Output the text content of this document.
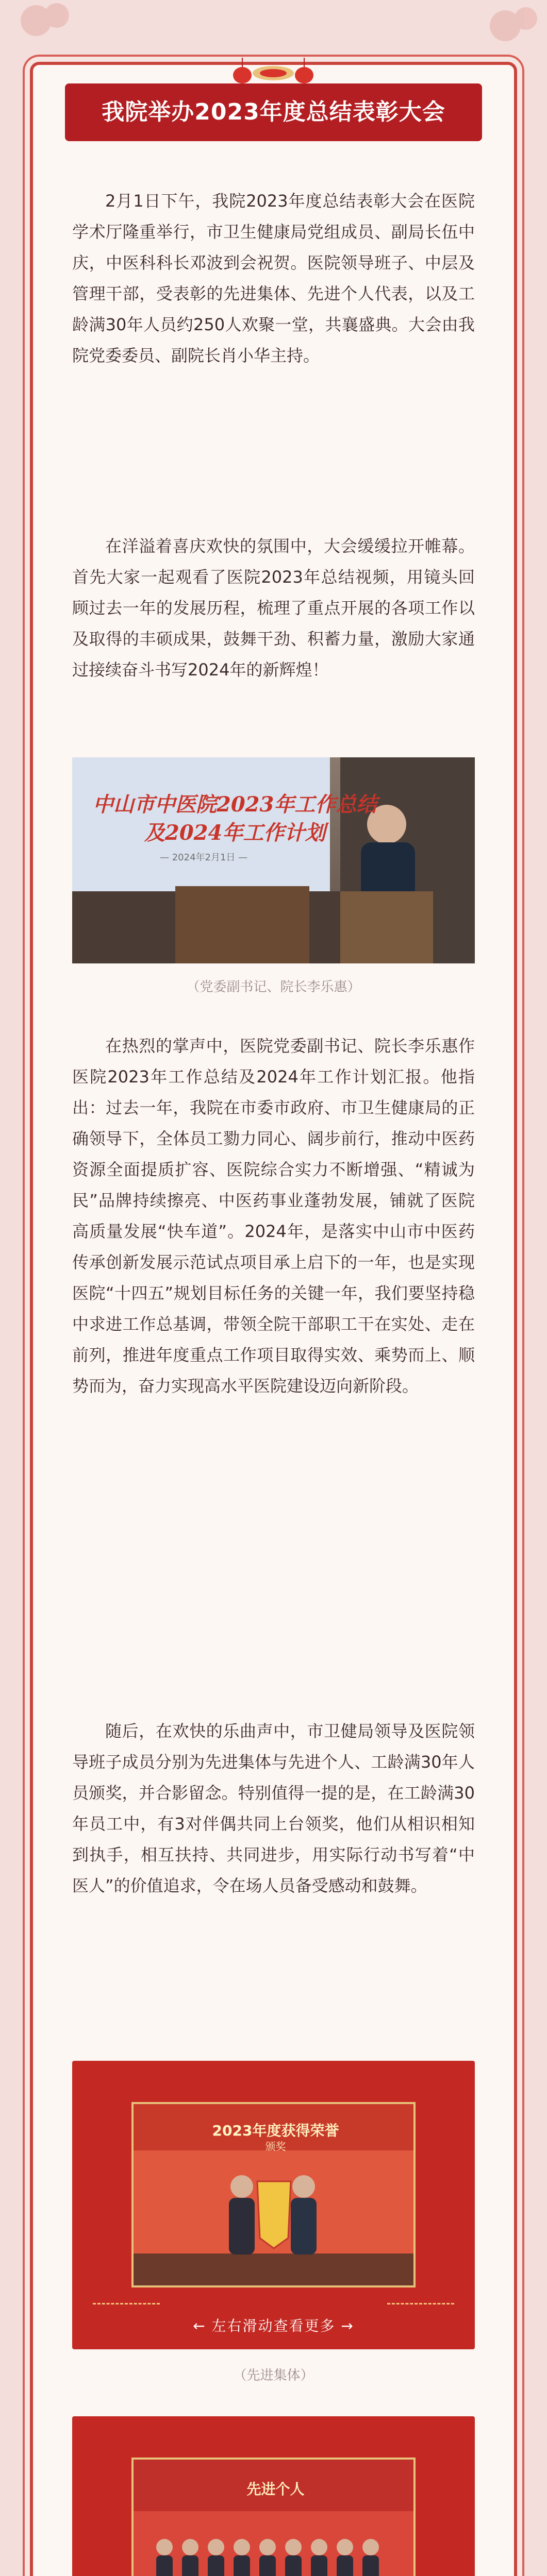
我院举办2023年度总结表彰大会

2月1日下午，我院2023年度总结表彰大会在医院学术厅隆重举行，市卫生健康局党组成员、副局长伍中庆，中医科科长邓波到会祝贺。医院领导班子、中层及管理干部，受表彰的先进集体、先进个人代表，以及工龄满30年人员约250人欢聚一堂，共襄盛典。大会由我院党委委员、副院长肖小华主持。

在洋溢着喜庆欢快的氛围中，大会缓缓拉开帷幕。首先大家一起观看了医院2023年总结视频，用镜头回顾过去一年的发展历程，梳理了重点开展的各项工作以及取得的丰硕成果，鼓舞干劲、积蓄力量，激励大家通过接续奋斗书写2024年的新辉煌！

中山市中医院2023年工作总结
及2024年工作计划
— 2024年2月1日 —
（党委副书记、院长李乐惠）

在热烈的掌声中，医院党委副书记、院长李乐惠作医院2023年工作总结及2024年工作计划汇报。他指出：过去一年，我院在市委市政府、市卫生健康局的正确领导下，全体员工勠力同心、阔步前行，推动中医药资源全面提质扩容、医院综合实力不断增强、“精诚为民”品牌持续擦亮、中医药事业蓬勃发展，铺就了医院高质量发展“快车道”。2024年，是落实中山市中医药传承创新发展示范试点项目承上启下的一年，也是实现医院“十四五”规划目标任务的关键一年，我们要坚持稳中求进工作总基调，带领全院干部职工干在实处、走在前列，推进年度重点工作项目取得实效、乘势而上、顺势而为，奋力实现高水平医院建设迈向新阶段。

随后，在欢快的乐曲声中，市卫健局领导及医院领导班子成员分别为先进集体与先进个人、工龄满30年人员颁奖，并合影留念。特别值得一提的是，在工龄满30年员工中，有3对伴偶共同上台领奖，他们从相识相知到执手，相互扶持、共同进步，用实际行动书写着“中医人”的价值追求，令在场人员备受感动和鼓舞。

2023年度获得荣誉
颁奖
← 左右滑动查看更多 →
（先进集体）
先进个人
